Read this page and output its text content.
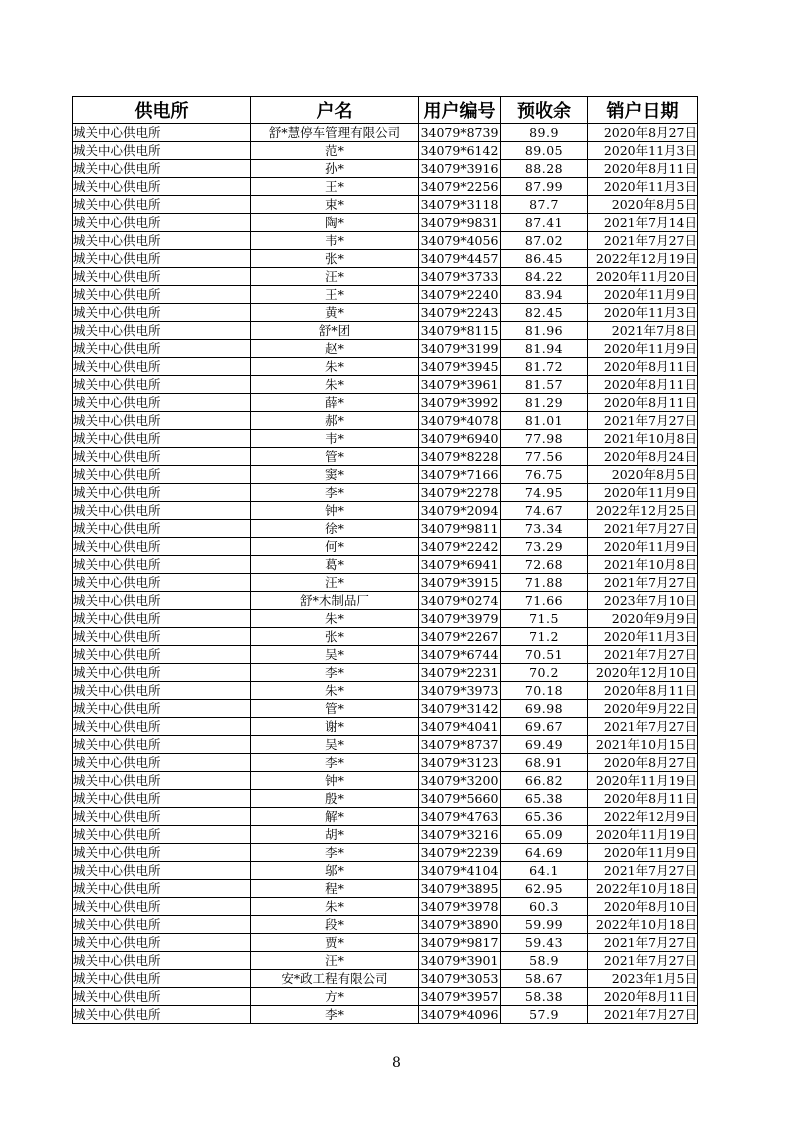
供电所	户名	用户编号	预收余	销户日期
城关中心供电所	舒*慧停车管理有限公司	34079*8739	89.9	2020年8月27日
城关中心供电所	范*	34079*6142	89.05	2020年11月3日
城关中心供电所	孙*	34079*3916	88.28	2020年8月11日
城关中心供电所	王*	34079*2256	87.99	2020年11月3日
城关中心供电所	束*	34079*3118	87.7	2020年8月5日
城关中心供电所	陶*	34079*9831	87.41	2021年7月14日
城关中心供电所	韦*	34079*4056	87.02	2021年7月27日
城关中心供电所	张*	34079*4457	86.45	2022年12月19日
城关中心供电所	汪*	34079*3733	84.22	2020年11月20日
城关中心供电所	王*	34079*2240	83.94	2020年11月9日
城关中心供电所	黄*	34079*2243	82.45	2020年11月3日
城关中心供电所	舒*团	34079*8115	81.96	2021年7月8日
城关中心供电所	赵*	34079*3199	81.94	2020年11月9日
城关中心供电所	朱*	34079*3945	81.72	2020年8月11日
城关中心供电所	朱*	34079*3961	81.57	2020年8月11日
城关中心供电所	薛*	34079*3992	81.29	2020年8月11日
城关中心供电所	郝*	34079*4078	81.01	2021年7月27日
城关中心供电所	韦*	34079*6940	77.98	2021年10月8日
城关中心供电所	管*	34079*8228	77.56	2020年8月24日
城关中心供电所	窦*	34079*7166	76.75	2020年8月5日
城关中心供电所	李*	34079*2278	74.95	2020年11月9日
城关中心供电所	钟*	34079*2094	74.67	2022年12月25日
城关中心供电所	徐*	34079*9811	73.34	2021年7月27日
城关中心供电所	何*	34079*2242	73.29	2020年11月9日
城关中心供电所	葛*	34079*6941	72.68	2021年10月8日
城关中心供电所	汪*	34079*3915	71.88	2021年7月27日
城关中心供电所	舒*木制品厂	34079*0274	71.66	2023年7月10日
城关中心供电所	朱*	34079*3979	71.5	2020年9月9日
城关中心供电所	张*	34079*2267	71.2	2020年11月3日
城关中心供电所	吴*	34079*6744	70.51	2021年7月27日
城关中心供电所	李*	34079*2231	70.2	2020年12月10日
城关中心供电所	朱*	34079*3973	70.18	2020年8月11日
城关中心供电所	管*	34079*3142	69.98	2020年9月22日
城关中心供电所	谢*	34079*4041	69.67	2021年7月27日
城关中心供电所	吴*	34079*8737	69.49	2021年10月15日
城关中心供电所	李*	34079*3123	68.91	2020年8月27日
城关中心供电所	钟*	34079*3200	66.82	2020年11月19日
城关中心供电所	殷*	34079*5660	65.38	2020年8月11日
城关中心供电所	解*	34079*4763	65.36	2022年12月9日
城关中心供电所	胡*	34079*3216	65.09	2020年11月19日
城关中心供电所	李*	34079*2239	64.69	2020年11月9日
城关中心供电所	邬*	34079*4104	64.1	2021年7月27日
城关中心供电所	程*	34079*3895	62.95	2022年10月18日
城关中心供电所	朱*	34079*3978	60.3	2020年8月10日
城关中心供电所	段*	34079*3890	59.99	2022年10月18日
城关中心供电所	贾*	34079*9817	59.43	2021年7月27日
城关中心供电所	汪*	34079*3901	58.9	2021年7月27日
城关中心供电所	安*政工程有限公司	34079*3053	58.67	2023年1月5日
城关中心供电所	方*	34079*3957	58.38	2020年8月11日
城关中心供电所	李*	34079*4096	57.9	2021年7月27日
8
